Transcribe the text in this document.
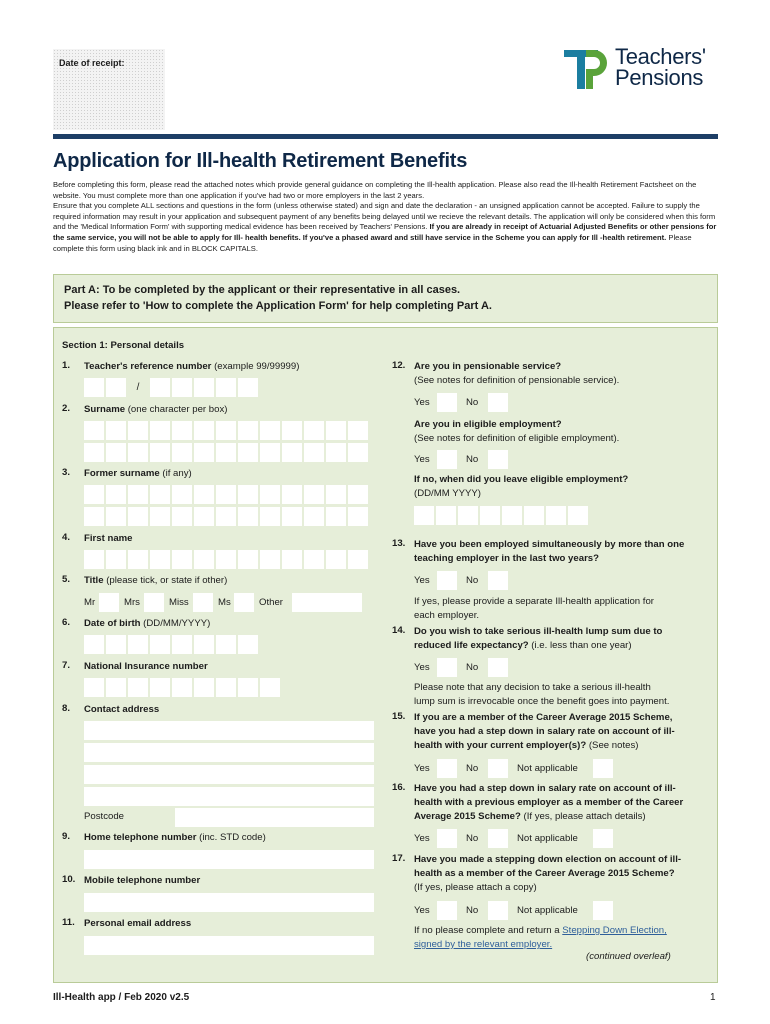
Date of receipt:	Teachers'
Pensions
Application for Ill-health Retirement Benefits

Before completing this form, please read the attached notes which provide general guidance on completing the Ill-health application. Please also read the Ill-health Retirement Factsheet on the website. You must complete more than one application if you've had two or more employers in the last 2 years.

Ensure that you complete ALL sections and questions in the form (unless otherwise stated) and sign and date the declaration - an unsigned application cannot be accepted. Failure to supply the required information may result in your application and subsequent payment of any benefits being delayed until we recieve the relevant details. The application will only be considered when this form and the 'Medical Information Form' with supporting medical evidence has been received by Teachers' Pensions. If you are already in receipt of Actuarial Adjusted Benefits or other pensions for the same service, you will not be able to apply for Ill- health benefits. If you've a phased award and still have service in the Scheme you can apply for Ill -health retirement. Please complete this form using black ink and in BLOCK CAPITALS.

Part A: To be completed by the applicant or their representative in all cases.
Please refer to 'How to complete the Application Form' for help completing Part A.
Section 1: Personal details
1. Teacher's reference number (example 99/99999)
/
2. Surname (one character per box)
3. Former surname (if any)
4. First name
5. Title (please tick, or state if other)
Mr	Mrs	Miss	Ms	Other
6. Date of birth (DD/MM/YYYY)
7. National Insurance number
8. Contact address
Postcode
9. Home telephone number (inc. STD code)
10. Mobile telephone number
11. Personal email address
12. Are you in pensionable service?
(See notes for definition of pensionable service).
Yes	No
Are you in eligible employment?
(See notes for definition of eligible employment).
Yes	No
If no, when did you leave eligible employment?
(DD/MM YYYY)
13. Have you been employed simultaneously by more than one
teaching employer in the last two years?
Yes	No
If yes, please provide a separate Ill-health application for
each employer.
14. Do you wish to take serious ill-health lump sum due to
reduced life expectancy? (i.e. less than one year)
Yes	No
Please note that any decision to take a serious ill-health
lump sum is irrevocable once the benefit goes into payment.
15. If you are a member of the Career Average 2015 Scheme,
have you had a step down in salary rate on account of ill-
health with your current employer(s)? (See notes)
Yes	No	Not applicable
16. Have you had a step down in salary rate on account of ill-
health with a previous employer as a member of the Career
Average 2015 Scheme? (If yes, please attach details)
Yes	No	Not applicable
17. Have you made a stepping down election on account of ill-
health as a member of the Career Average 2015 Scheme?
(If yes, please attach a copy)
Yes	No	Not applicable
If no please complete and return a Stepping Down Election,
signed by the relevant employer.
(continued overleaf)
Ill-Health app / Feb 2020 v2.5	1
